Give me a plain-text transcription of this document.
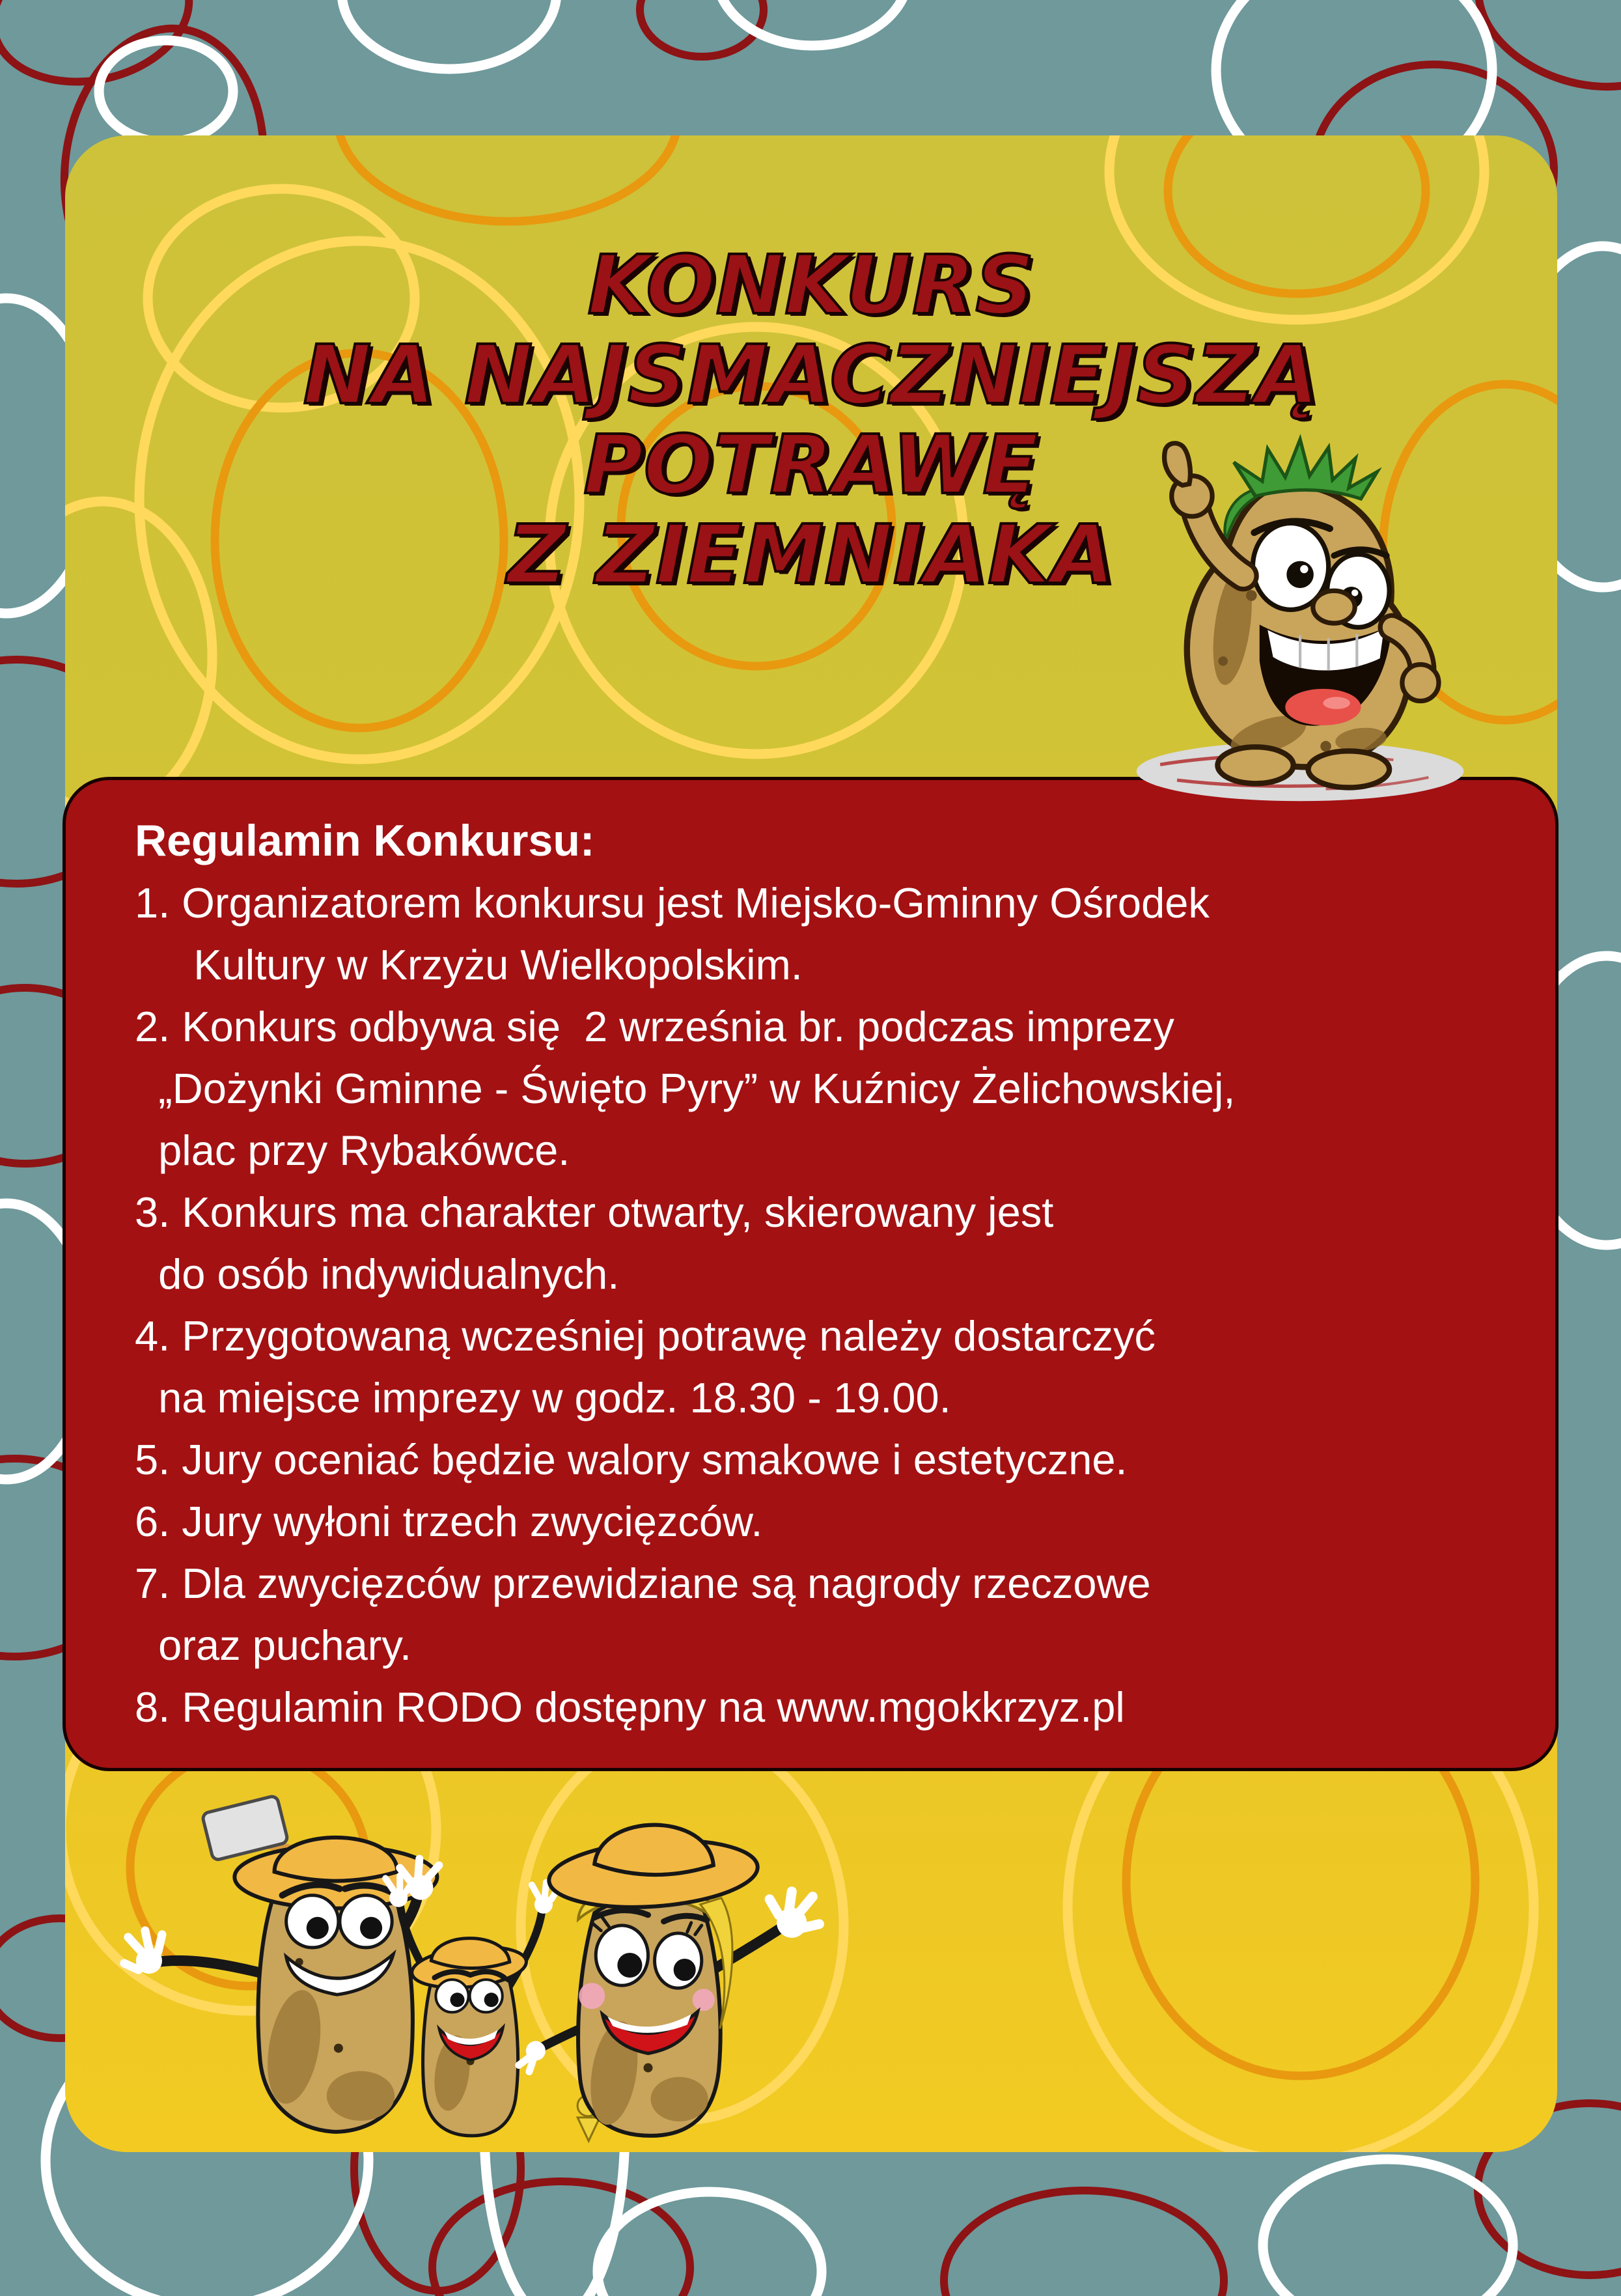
KONKURS
NA NAJSMACZNIEJSZĄ
POTRAWĘ
Z ZIEMNIAKA
Regulamin Konkursu:
1. Organizatorem konkursu jest Miejsko-Gminny Ośrodek
Kultury w Krzyżu Wielkopolskim.
2. Konkurs odbywa się  2 września br. podczas imprezy
„Dożynki Gminne - Święto Pyry” w Kuźnicy Żelichowskiej,
plac przy Rybakówce.
3. Konkurs ma charakter otwarty, skierowany jest
do osób indywidualnych.
4. Przygotowaną wcześniej potrawę należy dostarczyć
na miejsce imprezy w godz. 18.30 - 19.00.
5. Jury oceniać będzie walory smakowe i estetyczne.
6. Jury wyłoni trzech zwycięzców.
7. Dla zwycięzców przewidziane są nagrody rzeczowe
oraz puchary.
8. Regulamin RODO dostępny na www.mgokkrzyz.pl
